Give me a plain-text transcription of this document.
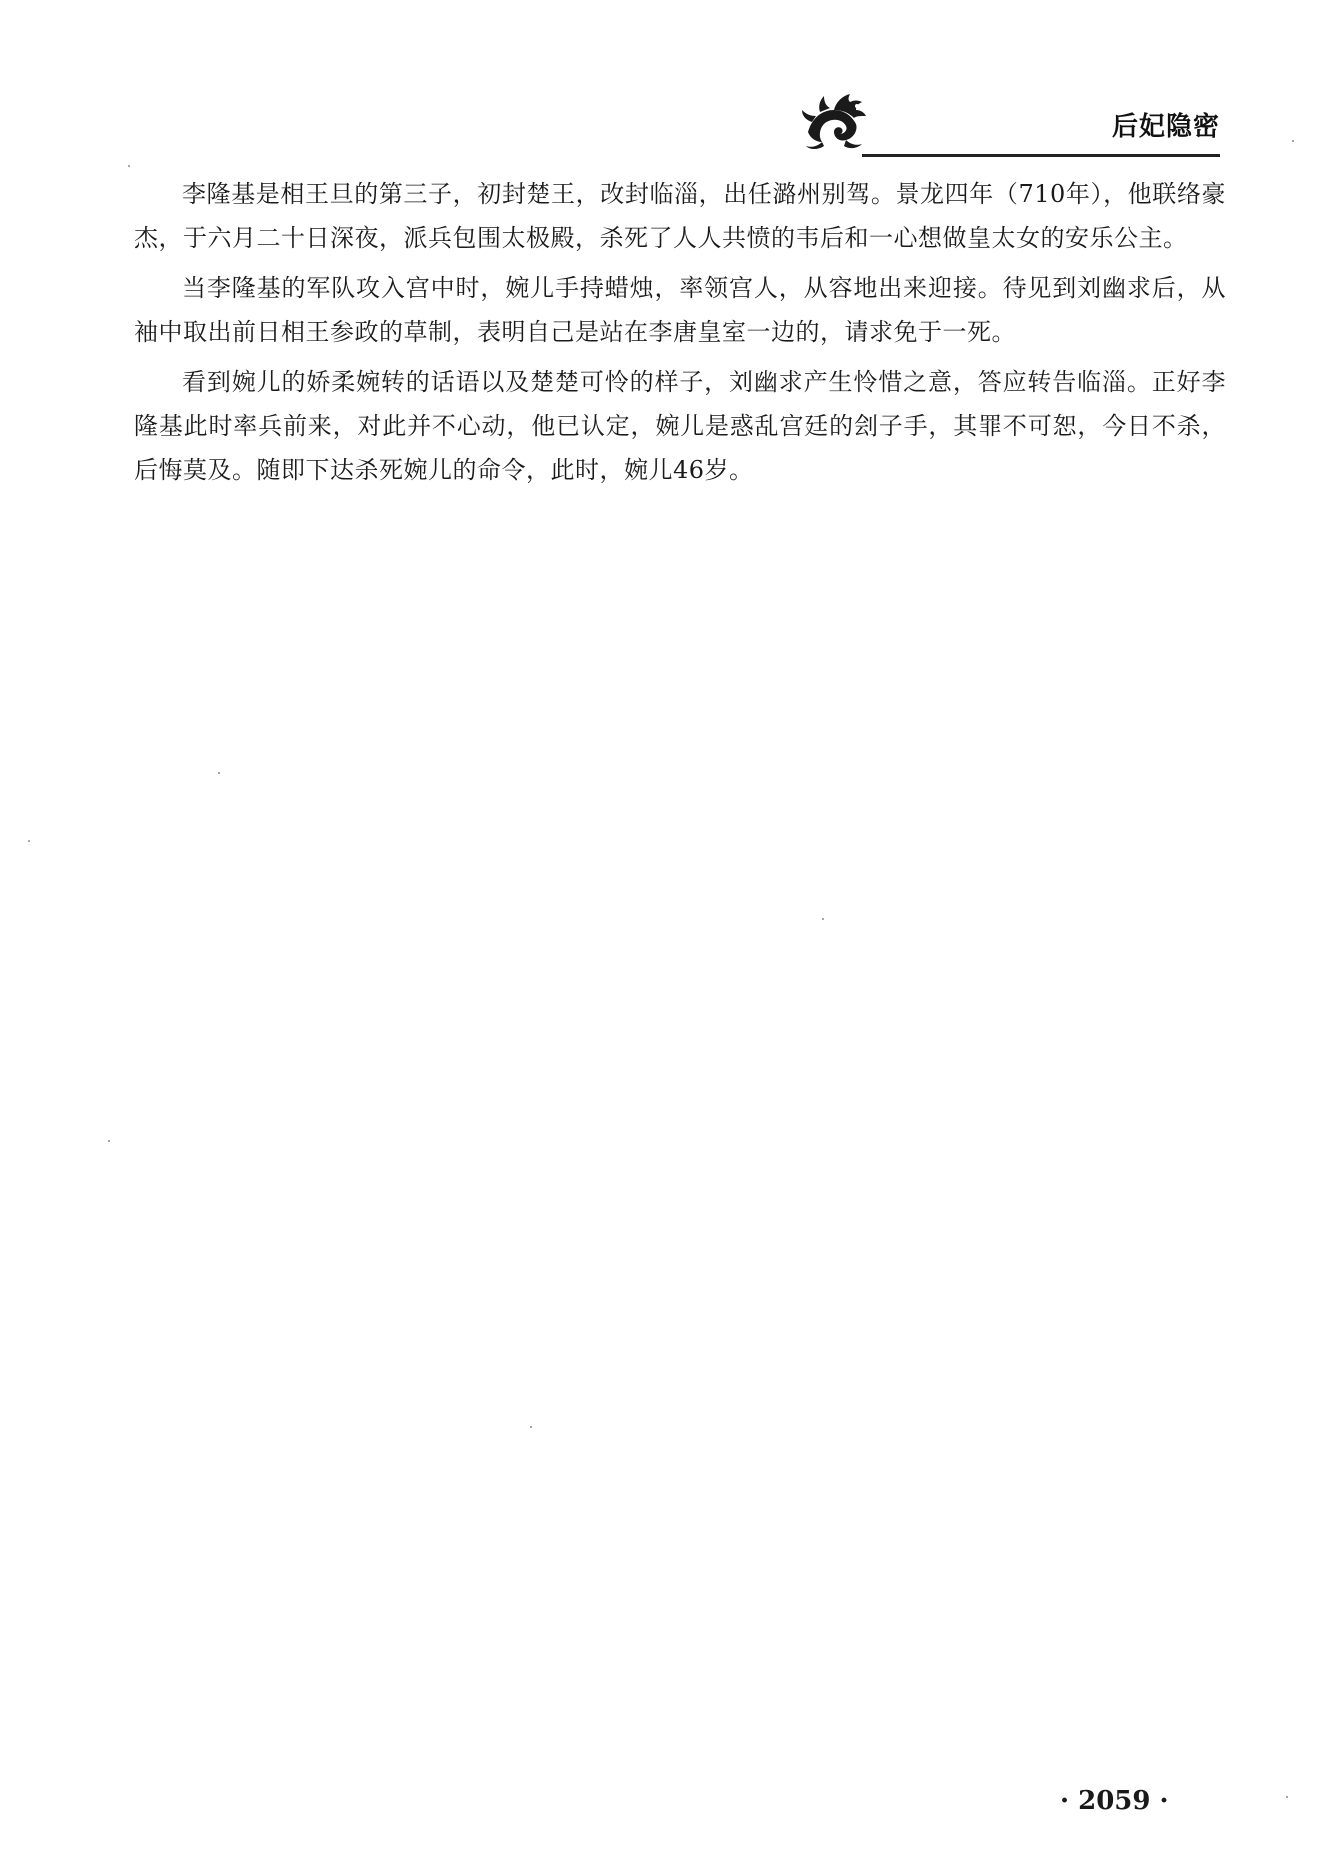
后妃隐密

李隆基是相王旦的第三子，初封楚王，改封临淄，出任潞州别驾。景龙四年（710年），他联络豪杰，于六月二十日深夜，派兵包围太极殿，杀死了人人共愤的韦后和一心想做皇太女的安乐公主。

当李隆基的军队攻入宫中时，婉儿手持蜡烛，率领宫人，从容地出来迎接。待见到刘幽求后，从袖中取出前日相王参政的草制，表明自己是站在李唐皇室一边的，请求免于一死。

看到婉儿的娇柔婉转的话语以及楚楚可怜的样子，刘幽求产生怜惜之意，答应转告临淄。正好李隆基此时率兵前来，对此并不心动，他已认定，婉儿是惑乱宫廷的刽子手，其罪不可恕，今日不杀，后悔莫及。随即下达杀死婉儿的命令，此时，婉儿46岁。

· 2059 ·
